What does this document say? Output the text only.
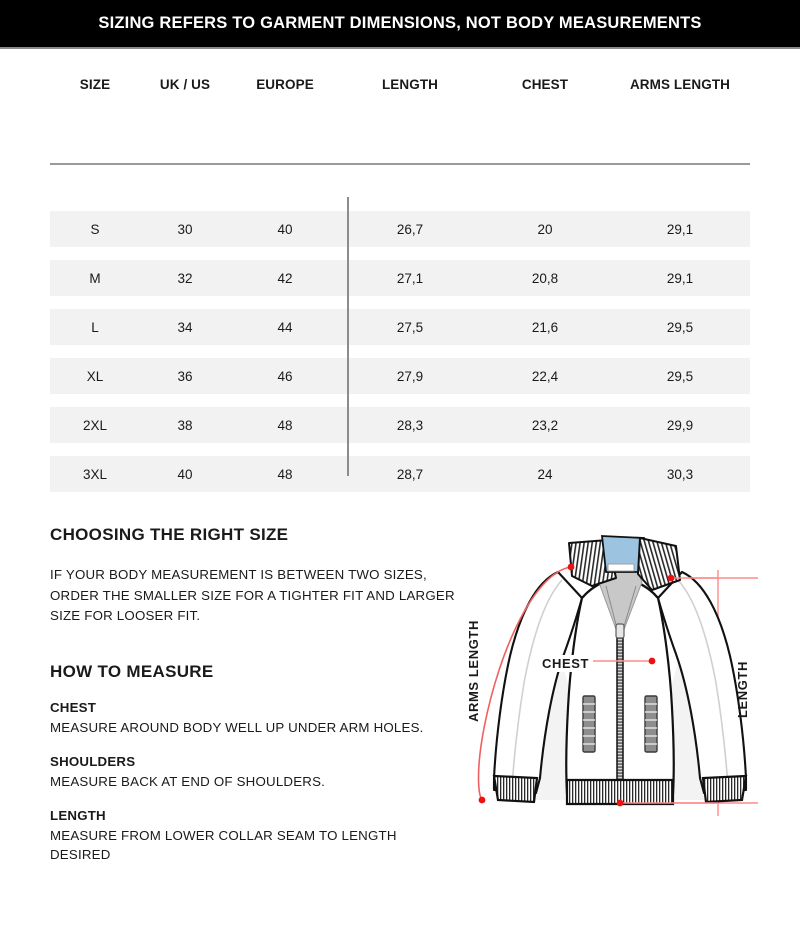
SIZING REFERS TO GARMENT DIMENSIONS, NOT BODY MEASUREMENTS
SIZE	UK / US	EUROPE	LENGTH	CHEST	ARMS LENGTH
S	30	40	26,7	20	29,1
M	32	42	27,1	20,8	29,1
L	34	44	27,5	21,6	29,5
XL	36	46	27,9	22,4	29,5
2XL	38	48	28,3	23,2	29,9
3XL	40	48	28,7	24	30,3
CHOOSING THE RIGHT SIZE

IF YOUR BODY MEASUREMENT IS BETWEEN TWO SIZES, ORDER THE SMALLER SIZE FOR A TIGHTER FIT AND LARGER SIZE FOR LOOSER FIT.

HOW TO MEASURE
CHEST
MEASURE AROUND BODY WELL UP UNDER ARM HOLES.
SHOULDERS
MEASURE BACK AT END OF SHOULDERS.
LENGTH
MEASURE FROM LOWER COLLAR SEAM TO LENGTH DESIRED
ARMS LENGTH	LENGTH
CHEST
